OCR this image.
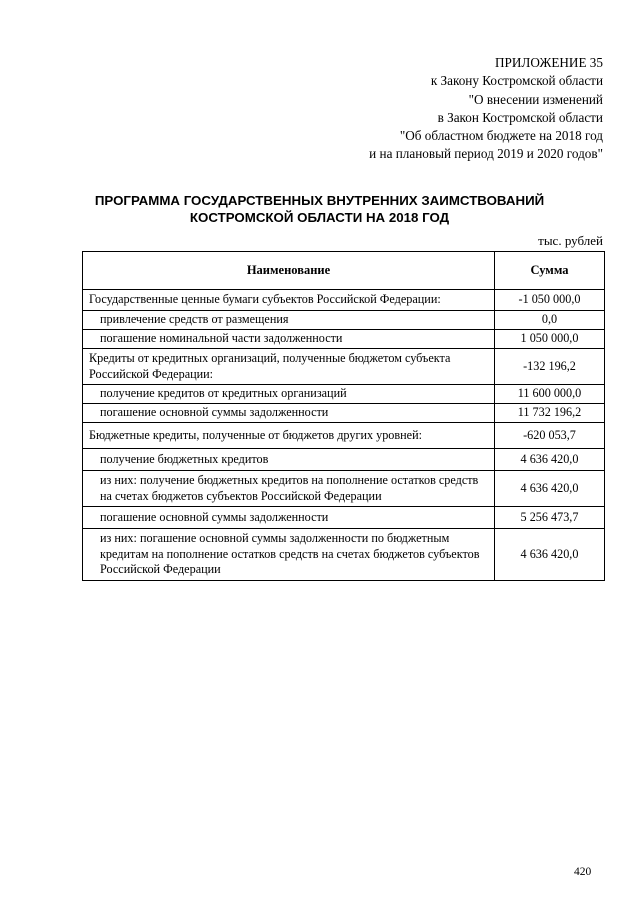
ПРИЛОЖЕНИЕ 35
к Закону Костромской области
"О внесении изменений
в Закон Костромской области
"Об областном бюджете на 2018 год
и на плановый период 2019 и 2020 годов"
ПРОГРАММА ГОСУДАРСТВЕННЫХ ВНУТРЕННИХ ЗАИМСТВОВАНИЙ
КОСТРОМСКОЙ ОБЛАСТИ НА 2018 ГОД
тыс. рублей
Наименование	Сумма
Государственные ценные бумаги субъектов Российской Федерации:	-1 050 000,0
привлечение средств от размещения	0,0
погашение номинальной части задолженности	1 050 000,0
Кредиты от кредитных организаций, полученные бюджетом субъекта Российской Федерации:	-132 196,2
получение кредитов от кредитных организаций	11 600 000,0
погашение основной суммы задолженности	11 732 196,2
Бюджетные кредиты, полученные от бюджетов других уровней:	-620 053,7
получение бюджетных кредитов	4 636 420,0
из них: получение бюджетных кредитов на пополнение остатков средств на счетах бюджетов субъектов Российской Федерации	4 636 420,0
погашение основной суммы задолженности	5 256 473,7
из них: погашение основной суммы задолженности по бюджетным кредитам на пополнение остатков средств на счетах бюджетов субъектов Российской Федерации	4 636 420,0
420
